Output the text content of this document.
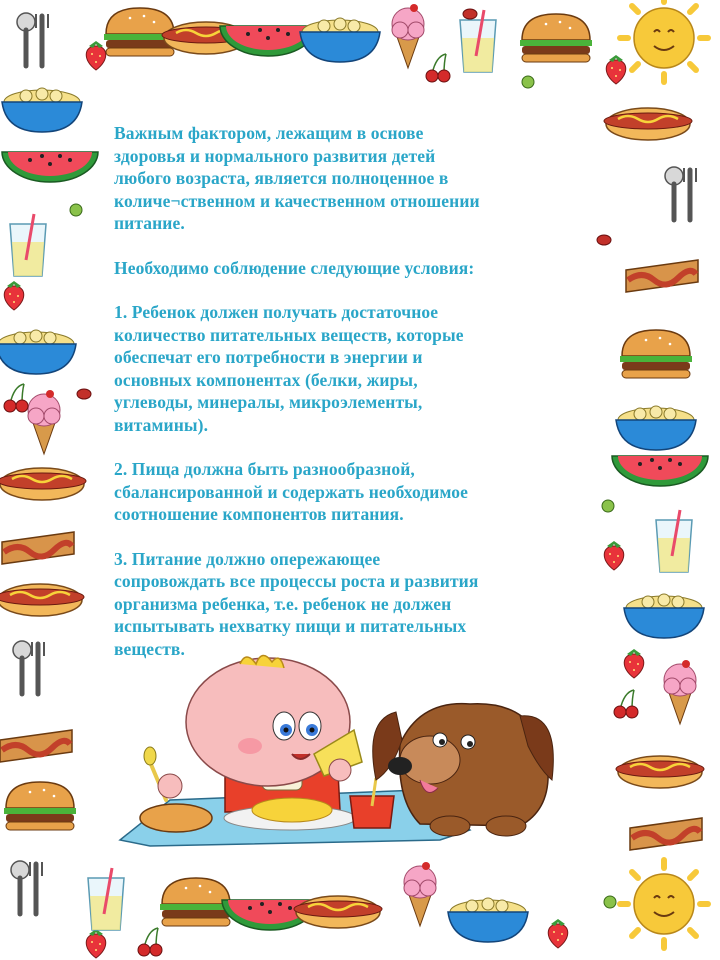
Важным фактором, лежащим в основе
здоровья и нормального развития детей
любого возраста, является полноценное в
количе¬ственном и качественном отношении
питание.

Необходимо соблюдение следующие условия:

1. Ребенок должен получать достаточное
количество питательных веществ, которые
обеспечат его потребности в энергии и
основных компонентах (белки, жиры,
углеводы, минералы, микроэлементы,
витамины).

2. Пища должна быть разнообразной,
сбалансированной и содержать необходимое
соотношение компонентов питания.

3. Питание должно опережающее
сопровождать все процессы роста и развития
организма ребенка, т.е. ребенок не должен
испытывать нехватку пищи и питательных
веществ.
